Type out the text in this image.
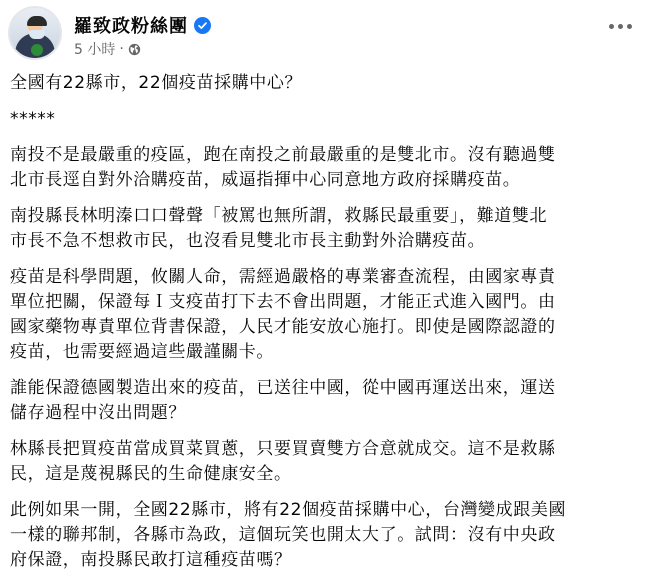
羅致政粉絲團
5 小時 ·

全國有22縣市，22個疫苗採購中心？

*****

南投不是最嚴重的疫區，跑在南投之前最嚴重的是雙北市。沒有聽過雙
北市長逕自對外洽購疫苗，威逼指揮中心同意地方政府採購疫苗。

南投縣長林明溱口口聲聲「被罵也無所謂，救縣民最重要」，難道雙北
市長不急不想救市民，也沒看見雙北市長主動對外洽購疫苗。

疫苗是科學問題，攸關人命，需經過嚴格的專業審查流程，由國家專責
單位把關，保證每Ｉ支疫苗打下去不會出問題，才能正式進入國門。由
國家藥物專責單位背書保證，人民才能安放心施打。即使是國際認證的
疫苗，也需要經過這些嚴謹關卡。

誰能保證德國製造出來的疫苗，已送往中國，從中國再運送出來，運送
儲存過程中沒出問題？

林縣長把買疫苗當成買菜買蔥，只要買賣雙方合意就成交。這不是救縣
民，這是蔑視縣民的生命健康安全。

此例如果一開，全國22縣市，將有22個疫苗採購中心，台灣變成跟美國
一樣的聯邦制，各縣市為政，這個玩笑也開太大了。試問：沒有中央政
府保證，南投縣民敢打這種疫苗嗎？
